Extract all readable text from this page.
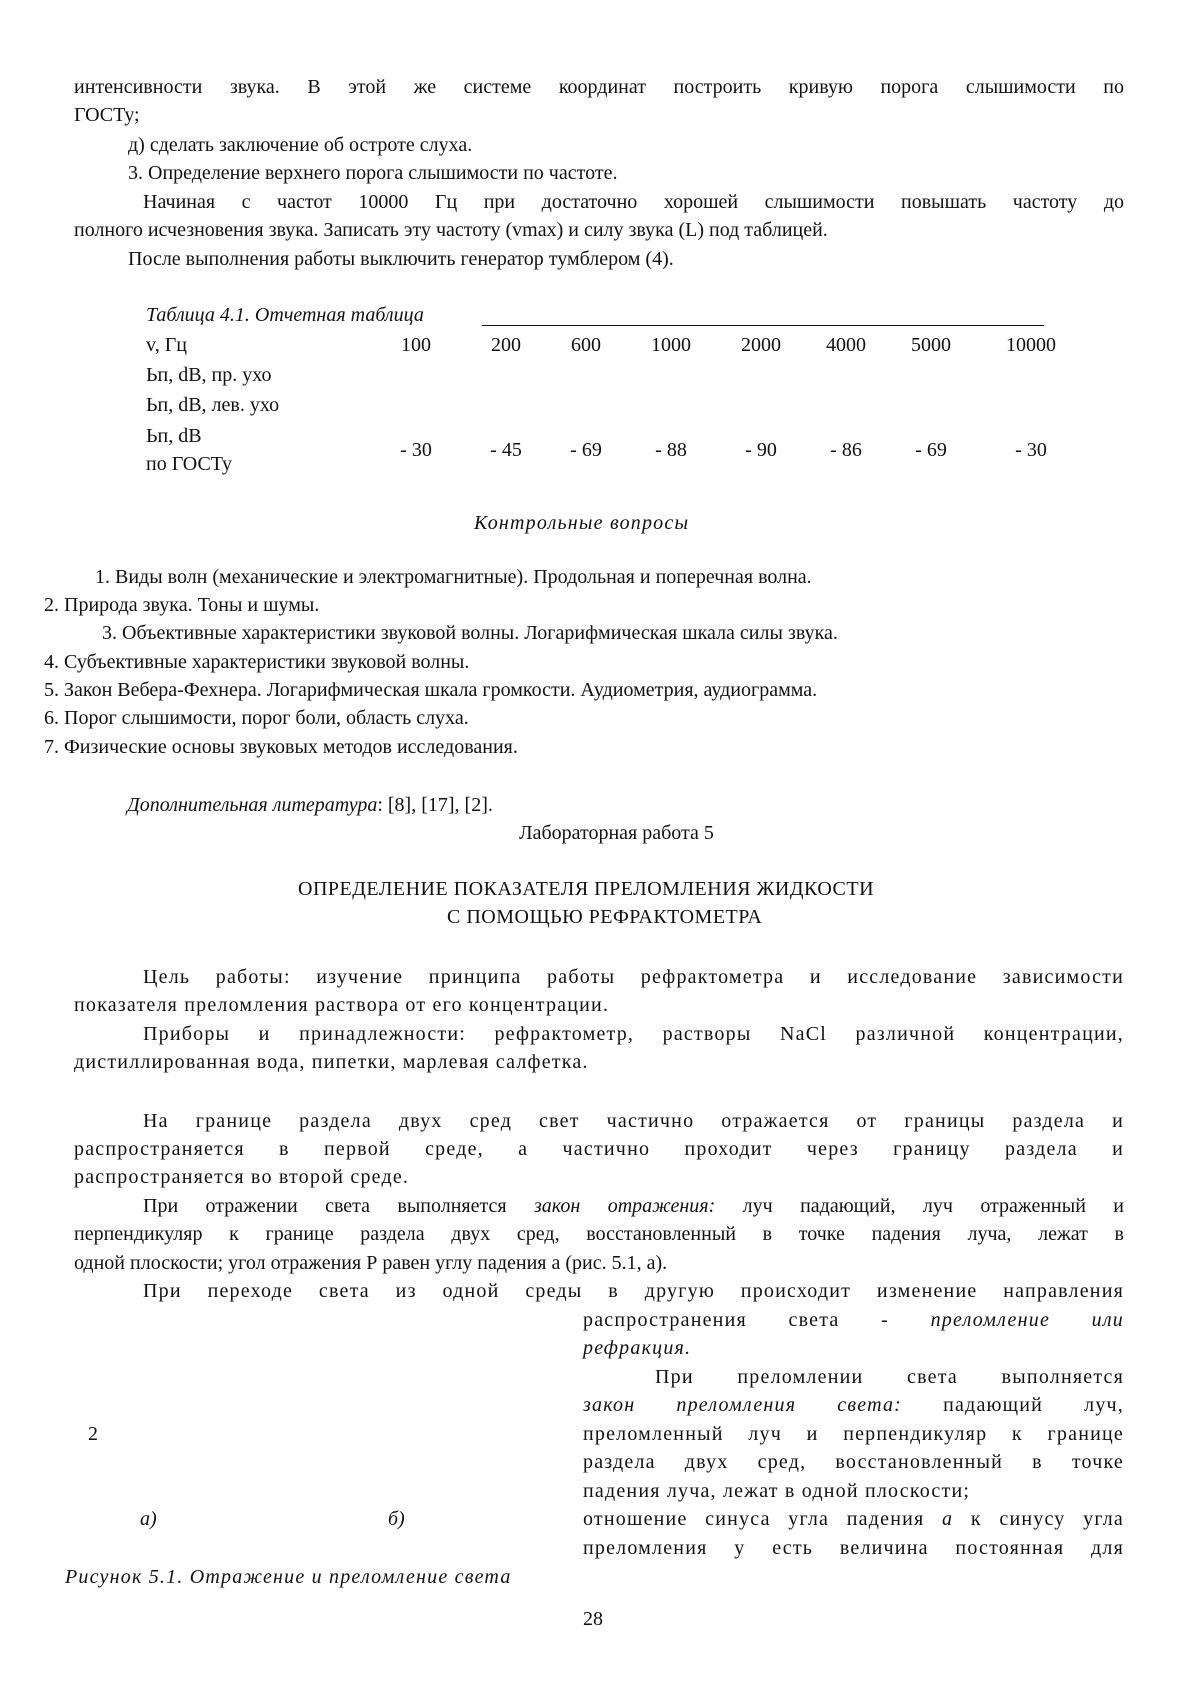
интенсивности звука. В этой же системе координат построить кривую порога слышимости по
ГОСТу;
д) сделать заключение об остроте слуха.
3. Определение верхнего порога слышимости по частоте.
Начиная с частот 10000 Гц при достаточно хорошей слышимости повышать частоту до
полного исчезновения звука. Записать эту частоту (vmax) и силу звука (L) под таблицей.
После выполнения работы выключить генератор тумблером (4).
Таблица 4.1. Отчетная таблица
v, Гц	100	200	600	1000	2000	4000	5000	10000
Ьп, dB, пр. ухо								
Ьп, dB, лев. ухо								
Ьп, dB
по ГОСТу	- 30	- 45	- 69	- 88	- 90	- 86	- 69	- 30
Контрольные вопросы
1. Виды волн (механические и электромагнитные). Продольная и поперечная волна.
2. Природа звука. Тоны и шумы.
3. Объективные характеристики звуковой волны. Логарифмическая шкала силы звука.
4. Субъективные характеристики звуковой волны.
5. Закон Вебера-Фехнера. Логарифмическая шкала громкости. Аудиометрия, аудиограмма.
6. Порог слышимости, порог боли, область слуха.
7. Физические основы звуковых методов исследования.
Дополнительная литература: [8], [17], [2].
Лабораторная работа 5
ОПРЕДЕЛЕНИЕ ПОКАЗАТЕЛЯ ПРЕЛОМЛЕНИЯ ЖИДКОСТИ
С ПОМОЩЬЮ РЕФРАКТОМЕТРА
Цель работы: изучение принципа работы рефрактометра и исследование зависимости
показателя преломления раствора от его концентрации.
Приборы и принадлежности: рефрактометр, растворы NaCl различной концентрации,
дистиллированная вода, пипетки, марлевая салфетка.
На границе раздела двух сред свет частично отражается от границы раздела и
распространяется в первой среде, а частично проходит через границу раздела и
распространяется во второй среде.
При отражении света выполняется закон отражения: луч падающий, луч отраженный и
перпендикуляр к границе раздела двух сред, восстановленный в точке падения луча, лежат в
одной плоскости; угол отражения Р равен углу падения а (рис. 5.1, а).
При переходе света из одной среды в другую происходит изменение направления
распространения света - преломление или
рефракция.
При преломлении света выполняется
закон преломления света: падающий луч,
преломленный луч и перпендикуляр к границе
раздела двух сред, восстановленный в точке
падения луча, лежат в одной плоскости;
отношение синуса угла падения а к синусу угла
преломления у есть величина постоянная для
2
а)	б)
Рисунок 5.1. Отражение и преломление света
28
